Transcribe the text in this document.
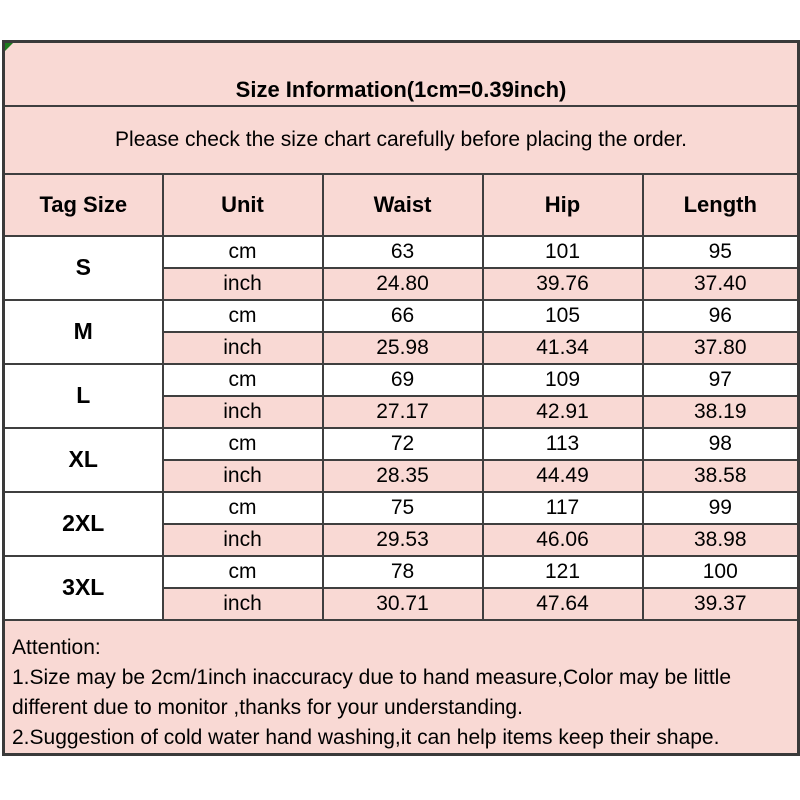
Size Information(1cm=0.39inch)				
Please check the size chart carefully before placing the order.				
Tag Size	Unit	Waist	Hip	Length
S	cm	63	101	95
	inch	24.80	39.76	37.40
M	cm	66	105	96
	inch	25.98	41.34	37.80
L	cm	69	109	97
	inch	27.17	42.91	38.19
XL	cm	72	113	98
	inch	28.35	44.49	38.58
2XL	cm	75	117	99
	inch	29.53	46.06	38.98
3XL	cm	78	121	100
	inch	30.71	47.64	39.37

Attention:
1.Size may be 2cm/1inch inaccuracy due to hand measure,Color may be little
different due to monitor ,thanks for your understanding.
2.Suggestion of cold water hand washing,it can help items keep their shape.				
